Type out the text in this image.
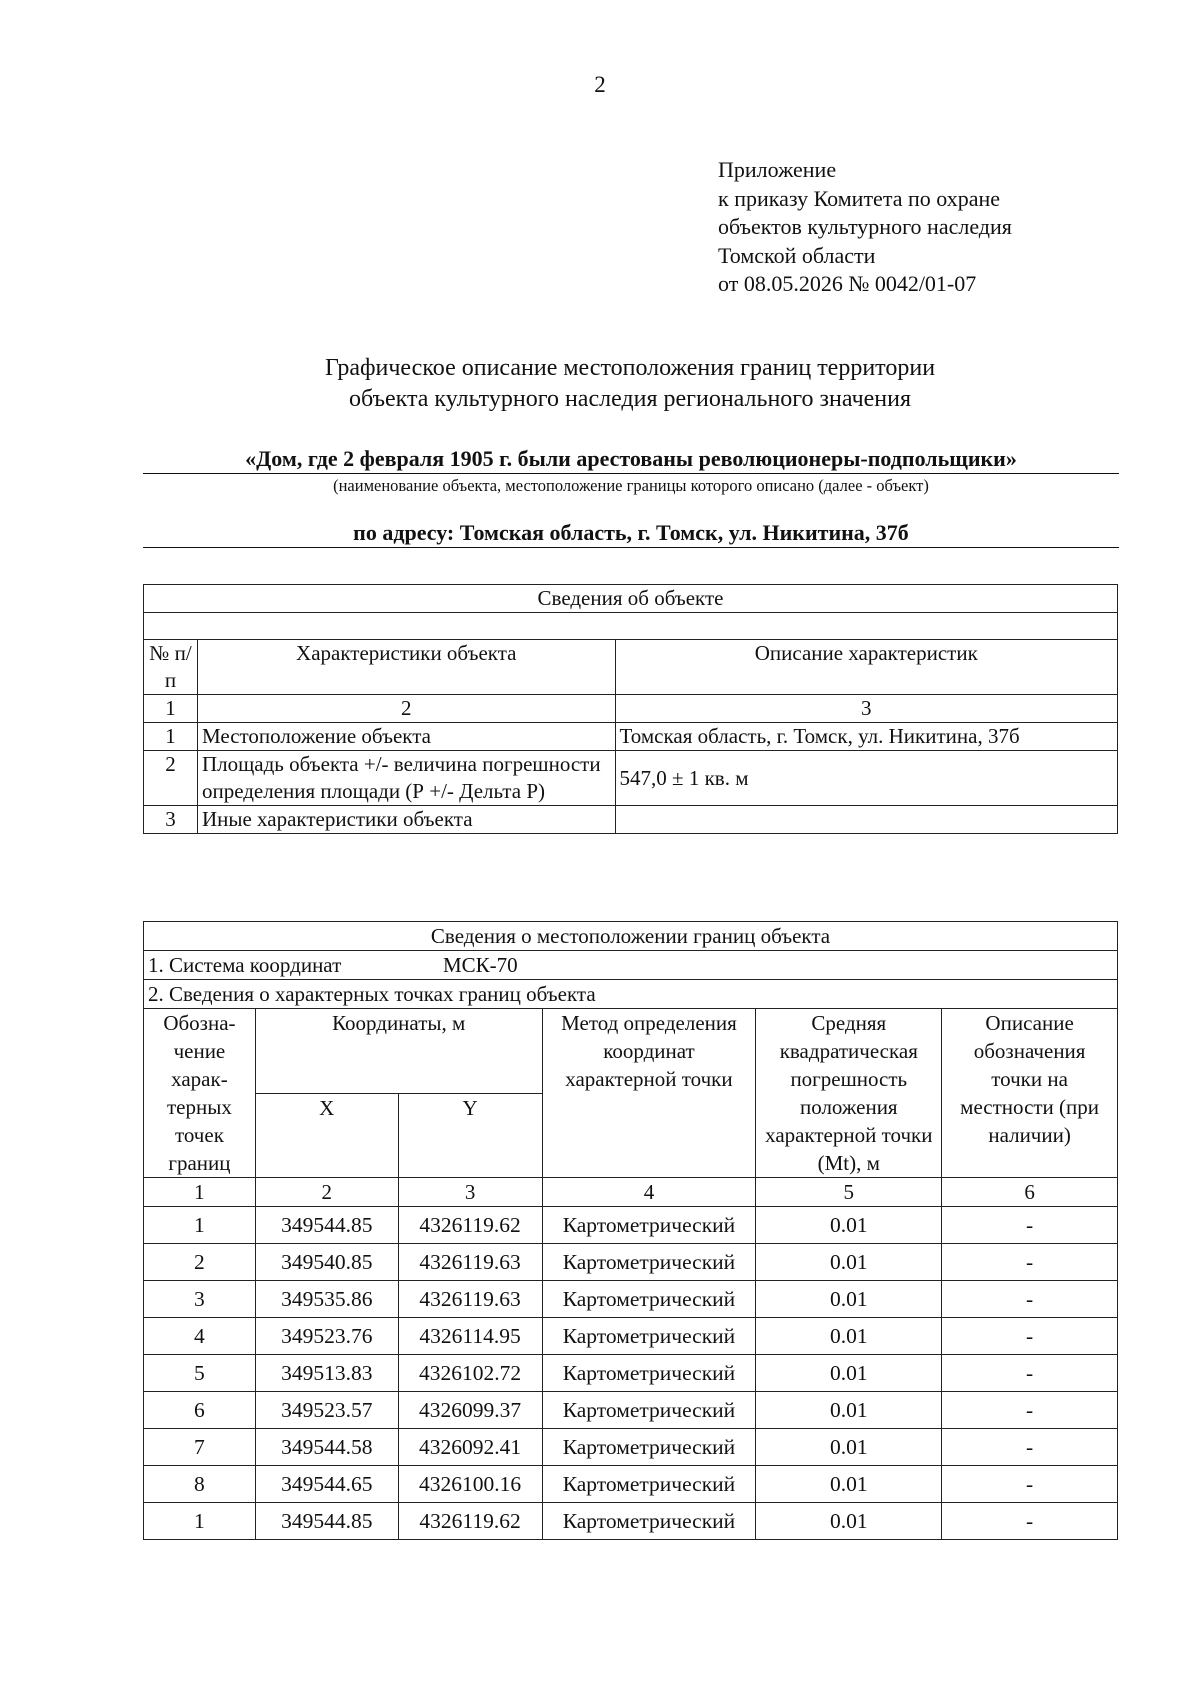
2
Приложение
к приказу Комитета по охране
объектов культурного наследия
Томской области
от 08.05.2026 № 0042/01-07
Графическое описание местоположения границ территории
объекта культурного наследия регионального значения
«Дом, где 2 февраля 1905 г. были арестованы революционеры-подпольщики»
(наименование объекта, местоположение границы которого описано (далее - объект)
по адресу: Томская область, г. Томск, ул. Никитина, 37б
Сведения об объекте		

№ п/п	Характеристики объекта	Описание характеристик
1	2	3
1	Местоположение объекта	Томская область, г. Томск, ул. Никитина, 37б
2	Площадь объекта +/- величина погрешности определения площади (Р +/- Дельта Р)	547,0 ± 1 кв. м
3	Иные характеристики объекта	
Сведения о местоположении границ объекта					
1. Система координат МСК-70					
2. Сведения о характерных точках границ объекта					
Обозна-чение харак-терных точек границ	Координаты, м		Метод определения координат характерной точки	Средняя квадратическая погрешность положения характерной точки (Mt), м	Описание обозначения точки на местности (при наличии)
	X	Y			
1	2	3	4	5	6
1	349544.85	4326119.62	Картометрический	0.01	-
2	349540.85	4326119.63	Картометрический	0.01	-
3	349535.86	4326119.63	Картометрический	0.01	-
4	349523.76	4326114.95	Картометрический	0.01	-
5	349513.83	4326102.72	Картометрический	0.01	-
6	349523.57	4326099.37	Картометрический	0.01	-
7	349544.58	4326092.41	Картометрический	0.01	-
8	349544.65	4326100.16	Картометрический	0.01	-
1	349544.85	4326119.62	Картометрический	0.01	-
